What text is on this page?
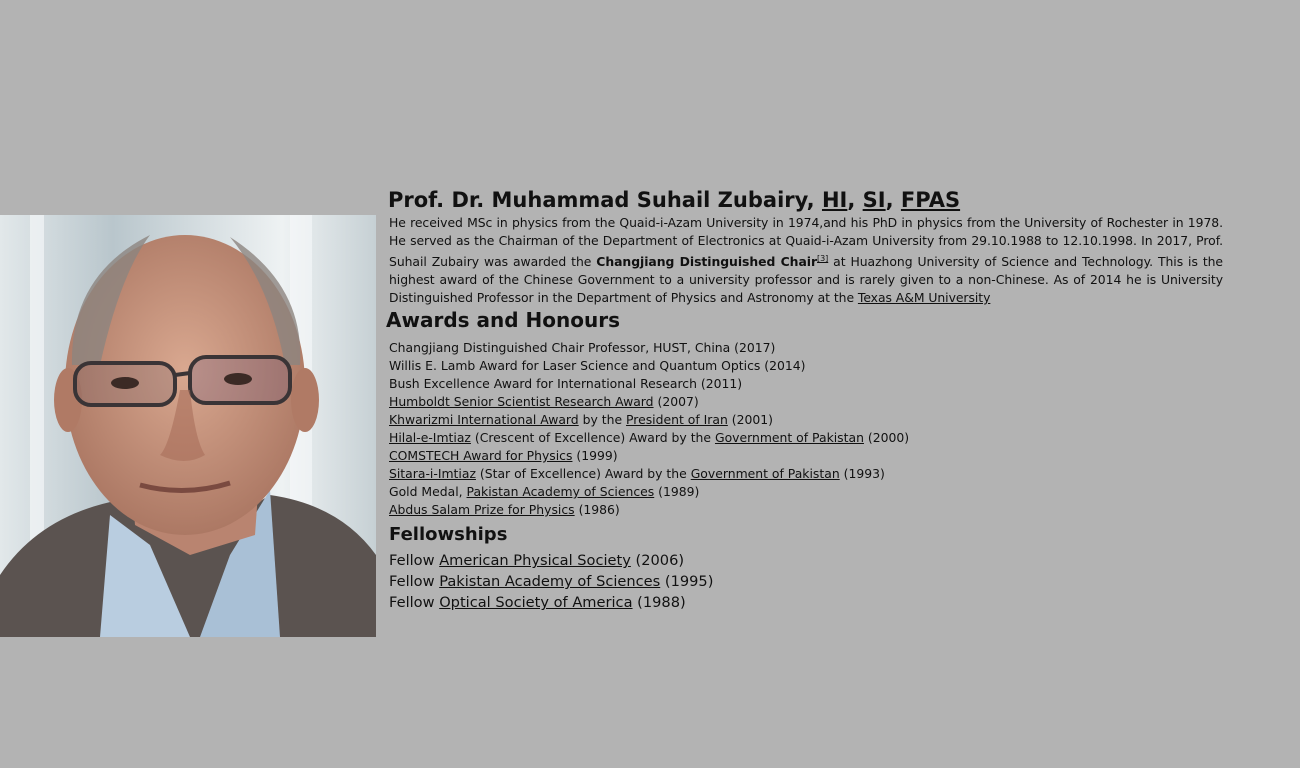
Prof. Dr. Muhammad Suhail Zubairy, HI, SI, FPAS

He received MSc in physics from the Quaid-i-Azam University in 1974,and his PhD in physics from the University of Rochester in 1978. He served as the Chairman of the Department of Electronics at Quaid-i-Azam University from 29.10.1988 to 12.10.1998. In 2017, Prof. Suhail Zubairy was awarded the Changjiang Distinguished Chair[3] at Huazhong University of Science and Technology. This is the highest award of the Chinese Government to a university professor and is rarely given to a non-Chinese. As of 2014 he is University Distinguished Professor in the Department of Physics and Astronomy at the Texas A&M University

Awards and Honours
Changjiang Distinguished Chair Professor, HUST, China (2017)
Willis E. Lamb Award for Laser Science and Quantum Optics (2014)
Bush Excellence Award for International Research (2011)
Humboldt Senior Scientist Research Award (2007)
Khwarizmi International Award by the President of Iran (2001)
Hilal-e-Imtiaz (Crescent of Excellence) Award by the Government of Pakistan (2000)
COMSTECH Award for Physics (1999)
Sitara-i-Imtiaz (Star of Excellence) Award by the Government of Pakistan (1993)
Gold Medal, Pakistan Academy of Sciences (1989)
Abdus Salam Prize for Physics (1986)
Fellowships
Fellow American Physical Society (2006)
Fellow Pakistan Academy of Sciences (1995)
Fellow Optical Society of America (1988)
